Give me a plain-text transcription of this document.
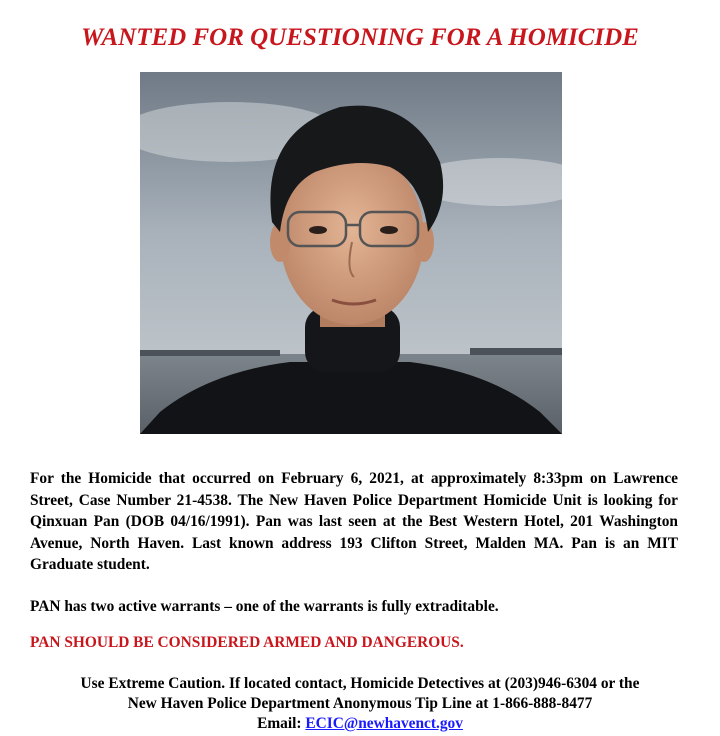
WANTED FOR QUESTIONING FOR A HOMICIDE

For the Homicide that occurred on February 6, 2021, at approximately 8:33pm on Lawrence Street, Case Number 21-4538. The New Haven Police Department Homicide Unit is looking for Qinxuan Pan (DOB 04/16/1991). Pan was last seen at the Best Western Hotel, 201 Washington Avenue, North Haven. Last known address 193 Clifton Street, Malden MA. Pan is an MIT Graduate student.

PAN has two active warrants – one of the warrants is fully extraditable.

PAN SHOULD BE CONSIDERED ARMED AND DANGEROUS.

Use Extreme Caution. If located contact, Homicide Detectives at (203)946-6304 or the
New Haven Police Department Anonymous Tip Line at 1-866-888-8477
Email: ECIC@newhavenct.gov
